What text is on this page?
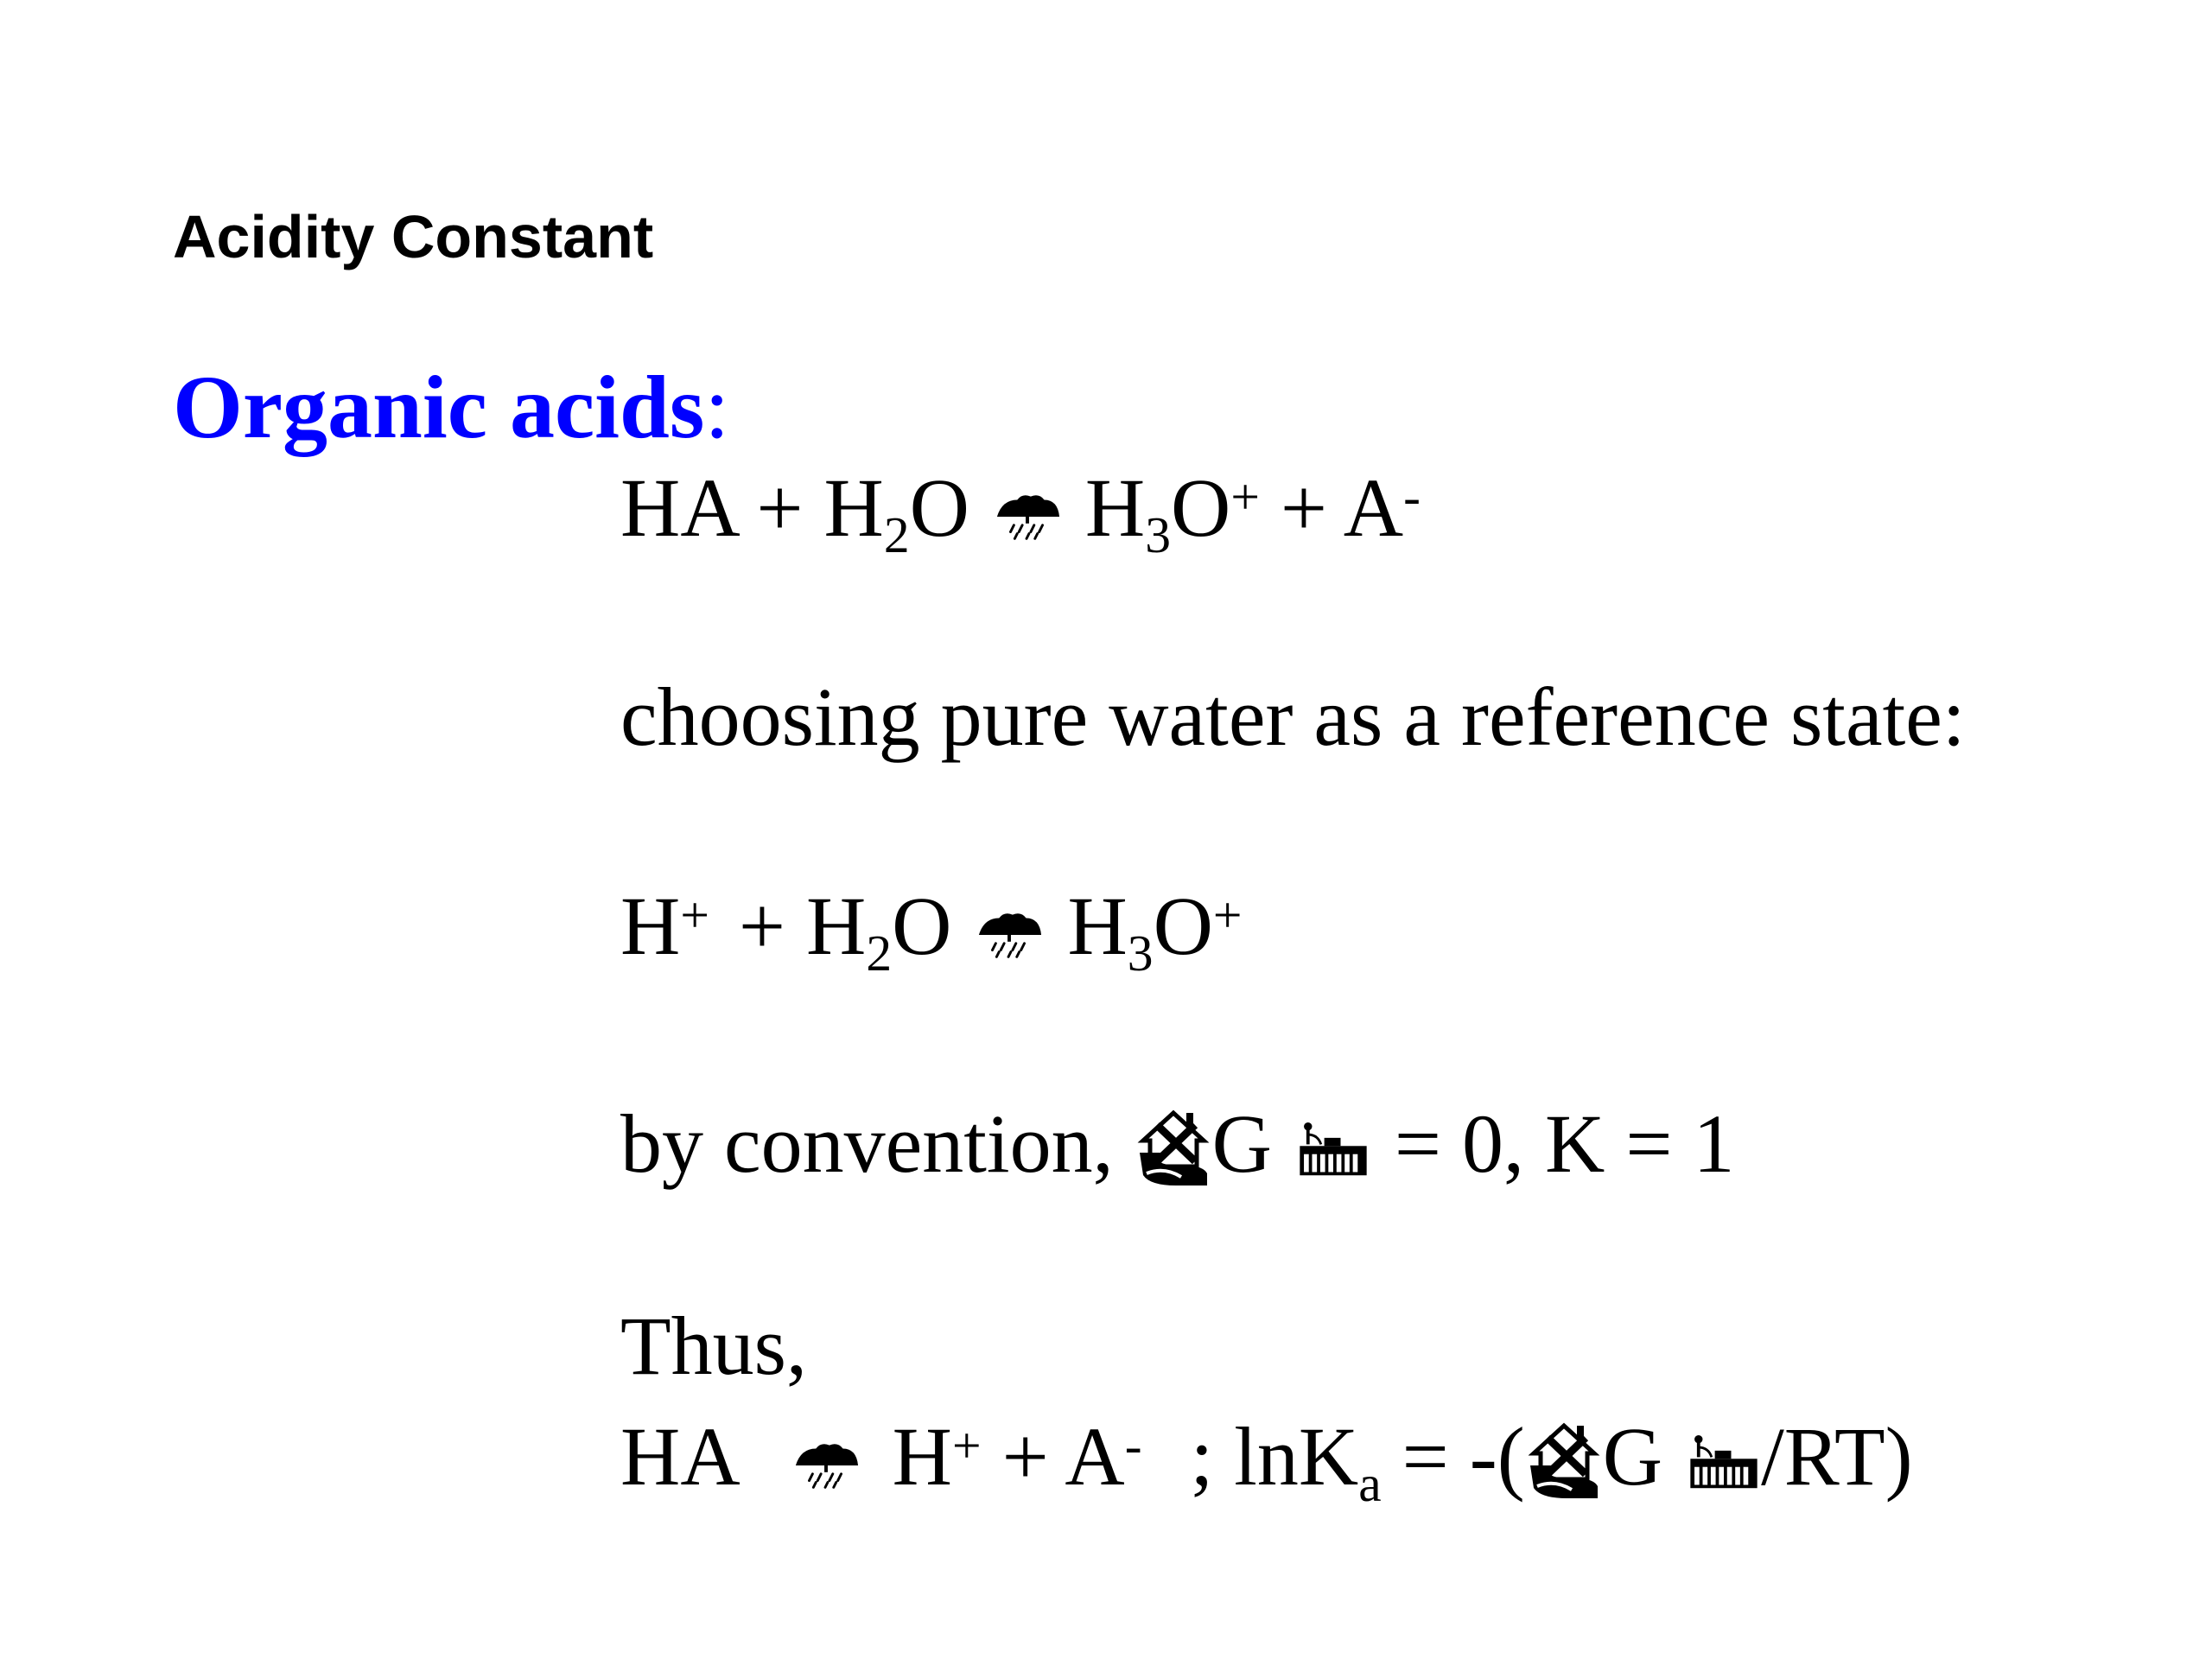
Acidity Constant
Organic acids:
HA + $H_2O$ $H_3O^+ + A^-$
choosing pure water as a reference state:
$H^+ + H_2O$ $H_3O^+$
by convention, G  = 0, K = 1
Thus,
HA H+ + A- ; lnK$_a$ = -( G /RT)
